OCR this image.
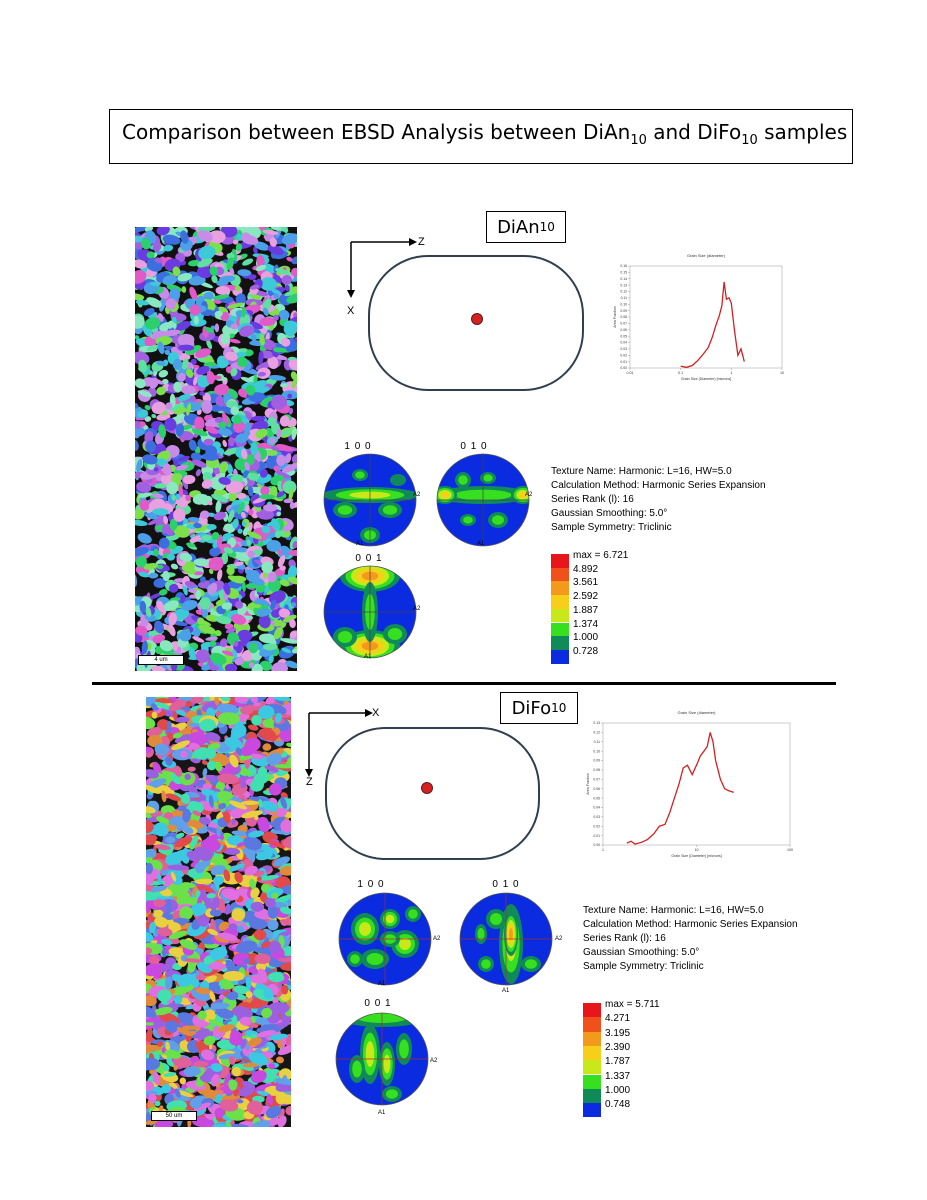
Comparison between EBSD Analysis between DiAn$_{10}$ and DiFo$_{10}$ samples
4 um
DiAn 10
Z
X
Grain Size (diameter)
0.00
0.01
0.02
0.03
0.04
0.05
0.06
0.07
0.08
0.09
0.10
0.11
0.12
0.13
0.14
0.15
0.16
0.01	0.1	1	10
Grain Size (Diameter) [microns]
Area Fraction
1 0 0
A1
A2
0 1 0
A1
A2
0 0 1
A1
A2
Texture Name: Harmonic: L=16, HW=5.0
Calculation Method: Harmonic Series Expansion
Series Rank (l): 16
Gaussian Smoothing: 5.0°
Sample Symmetry: Triclinic
max = 6.721
4.892
3.561
2.592
1.887
1.374
1.000
0.728
50 um
DiFo 10
X
Z
Grain Size (diameter)
0.00
0.01
0.02
0.03
0.04
0.05
0.06
0.07
0.08
0.09
0.10
0.11
0.12
0.13
1	10	100
Grain Size (Diameter) [microns]
Area Fraction
1 0 0
A1
A2
0 1 0
A1
A2
0 0 1
A1
A2
Texture Name: Harmonic: L=16, HW=5.0
Calculation Method: Harmonic Series Expansion
Series Rank (l): 16
Gaussian Smoothing: 5.0°
Sample Symmetry: Triclinic
max = 5.711
4.271
3.195
2.390
1.787
1.337
1.000
0.748
